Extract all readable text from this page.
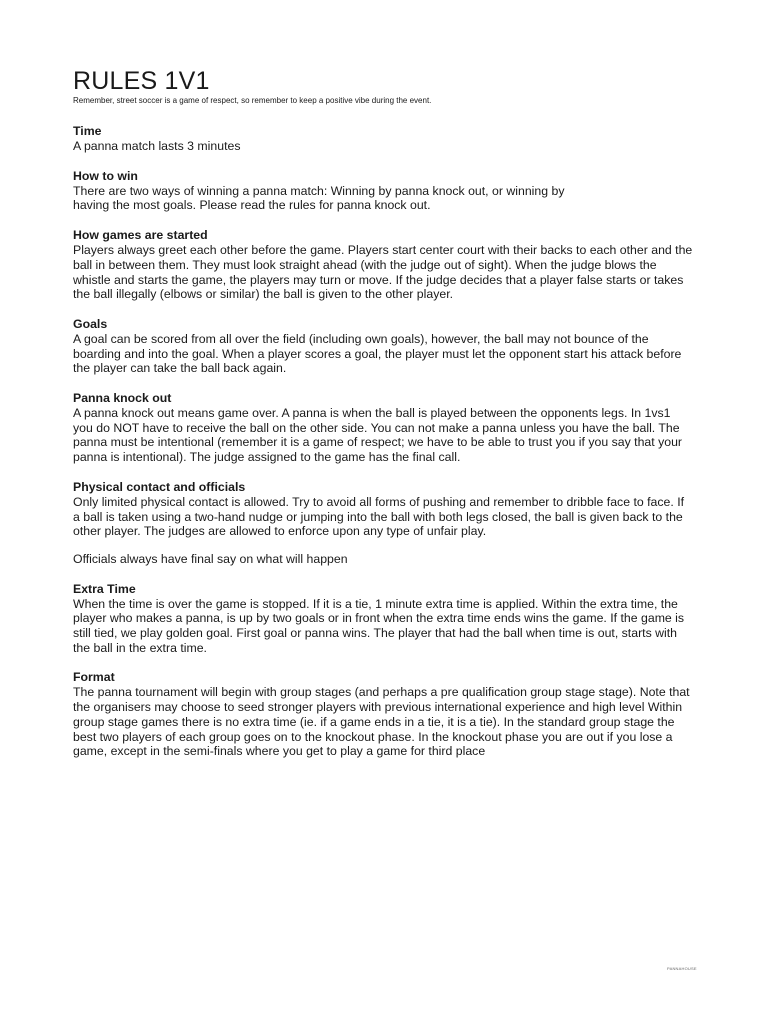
RULES 1V1

Remember, street soccer is a game of respect, so remember to keep a positive vibe during the event.

Time

A panna match lasts 3 minutes

How to win

There are two ways of winning a panna match: Winning by panna knock out, or winning by having the most goals. Please read the rules for panna knock out.

How games are started

Players always greet each other before the game. Players start center court with their backs to each other and the ball in between them. They must look straight ahead (with the judge out of sight). When the judge blows the whistle and starts the game, the players may turn or move. If the judge decides that a player false starts or takes the ball illegally (elbows or similar) the ball is given to the other player.

Goals

A goal can be scored from all over the field (including own goals), however, the ball may not bounce of the boarding and into the goal. When a player scores a goal, the player must let the opponent start his attack before the player can take the ball back again.

Panna knock out

A panna knock out means game over. A panna is when the ball is played between the opponents legs. In 1vs1 you do NOT have to receive the ball on the other side. You can not make a panna unless you have the ball. The panna must be intentional (remember it is a game of respect; we have to be able to trust you if you say that your panna is intentional). The judge assigned to the game has the final call.

Physical contact and officials

Only limited physical contact is allowed. Try to avoid all forms of pushing and remember to dribble face to face. If a ball is taken using a two-hand nudge or jumping into the ball with both legs closed, the ball is given back to the other player. The judges are allowed to enforce upon any type of unfair play.

Officials always have final say on what will happen

Extra Time

When the time is over the game is stopped. If it is a tie, 1 minute extra time is applied. Within the extra time, the player who makes a panna, is up by two goals or in front when the extra time ends wins the game. If the game is still tied, we play golden goal. First goal or panna wins. The player that had the ball when time is out, starts with the ball in the extra time.

Format

The panna tournament will begin with group stages (and perhaps a pre qualification group stage stage). Note that the organisers may choose to seed stronger players with previous international experience and high level Within group stage games there is no extra time (ie. if a game ends in a tie, it is a tie). In the standard group stage the best two players of each group goes on to the knockout phase. In the knockout phase you are out if you lose a game, except in the semi-finals where you get to play a game for third place

PANNAHOUSE
